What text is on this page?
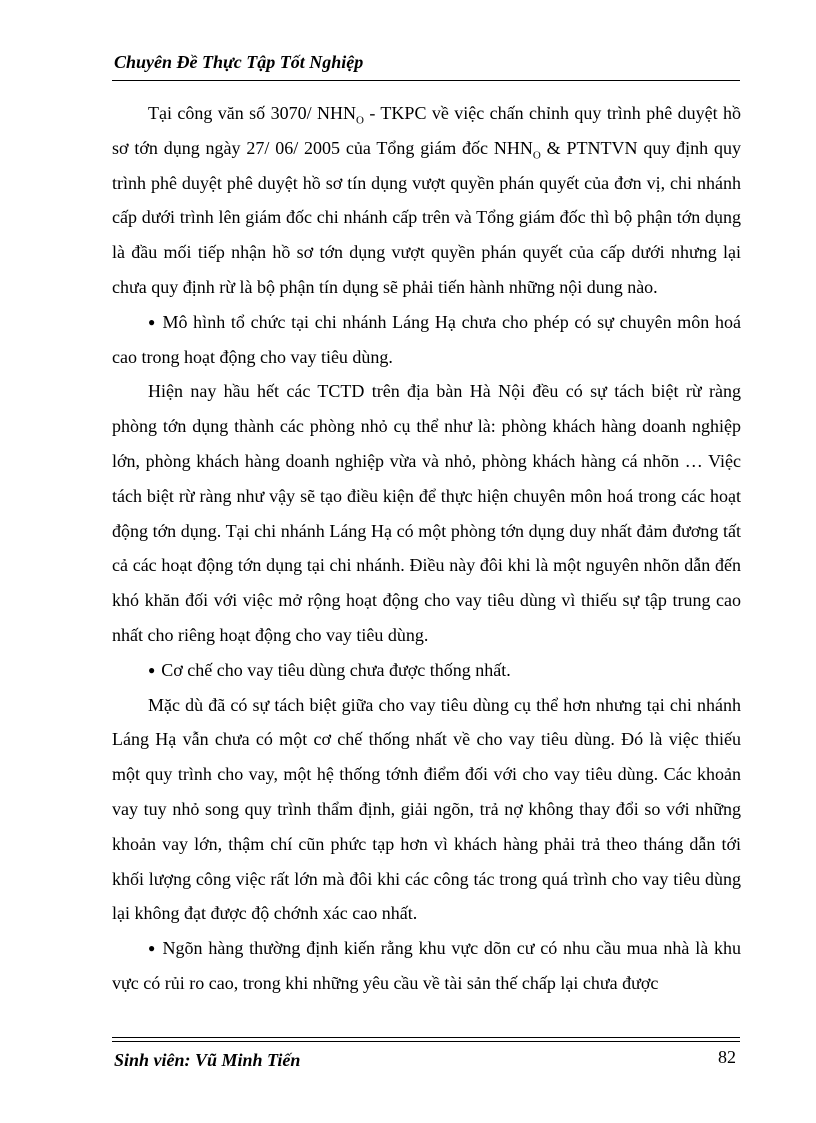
Chuyên Đề Thực Tập Tốt Nghiệp

Tại công văn số 3070/ $NHN_O$ - TKPC về việc chấn chỉnh quy trình phê duyệt hồ sơ tớn dụng ngày 27/ 06/ 2005 của Tổng giám đốc $NHN_O$ & PTNTVN quy định quy trình phê duyệt phê duyệt hồ sơ tín dụng vượt quyền phán quyết của đơn vị, chi nhánh cấp dưới trình lên giám đốc chi nhánh cấp trên và Tổng giám đốc thì bộ phận tớn dụng là đầu mối tiếp nhận hồ sơ tớn dụng vượt quyền phán quyết của cấp dưới nhưng lại chưa quy định rừ là bộ phận tín dụng sẽ phải tiến hành những nội dung nào.

● Mô hình tổ chức tại chi nhánh Láng Hạ chưa cho phép có sự chuyên môn hoá cao trong hoạt động cho vay tiêu dùng.

Hiện nay hầu hết các TCTD trên địa bàn Hà Nội đều có sự tách biệt rừ ràng phòng tớn dụng thành các phòng nhỏ cụ thể như là: phòng khách hàng doanh nghiệp lớn, phòng khách hàng doanh nghiệp vừa và nhỏ, phòng khách hàng cá nhõn … Việc tách biệt rừ ràng như vậy sẽ tạo điều kiện để thực hiện chuyên môn hoá trong các hoạt động tớn dụng. Tại chi nhánh Láng Hạ có một phòng tớn dụng duy nhất đảm đương tất cả các hoạt động tớn dụng tại chi nhánh. Điều này đôi khi là một nguyên nhõn dẫn đến khó khăn đối với việc mở rộng hoạt động cho vay tiêu dùng vì thiếu sự tập trung cao nhất cho riêng hoạt động cho vay tiêu dùng.

● Cơ chế cho vay tiêu dùng chưa được thống nhất.

Mặc dù đã có sự tách biệt giữa cho vay tiêu dùng cụ thể hơn nhưng tại chi nhánh Láng Hạ vẫn chưa có một cơ chế thống nhất về cho vay tiêu dùng. Đó là việc thiếu một quy trình cho vay, một hệ thống tớnh điểm đối với cho vay tiêu dùng. Các khoản vay tuy nhỏ song quy trình thẩm định, giải ngõn, trả nợ không thay đổi so với những khoản vay lớn, thậm chí cũn phức tạp hơn vì khách hàng phải trả theo tháng dẫn tới khối lượng công việc rất lớn mà đôi khi các công tác trong quá trình cho vay tiêu dùng lại không đạt được độ chớnh xác cao nhất.

● Ngõn hàng thường định kiến rằng khu vực dõn cư có nhu cầu mua nhà là khu vực có rủi ro cao, trong khi những yêu cầu về tài sản thế chấp lại chưa được

Sinh viên: Vũ Minh Tiến	82
